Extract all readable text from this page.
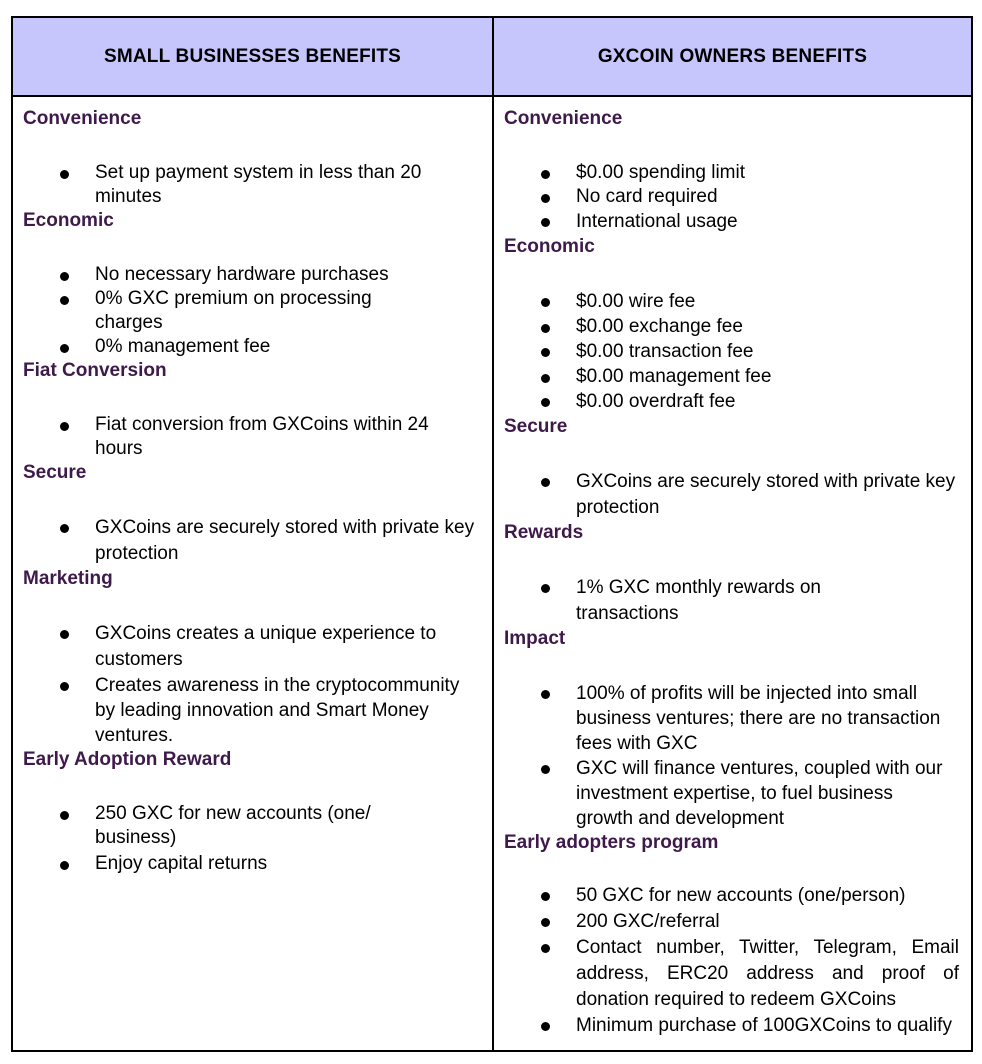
SMALL BUSINESSES BENEFITS
Convenience
Set up payment system in less than 20 minutes
Economic
No necessary hardware purchases
0% GXC premium on processing charges
0% management fee
Fiat Conversion
Fiat conversion from GXCoins within 24 hours
Secure
GXCoins are securely stored with private key protection
Marketing
GXCoins creates a unique experience to customers
Creates awareness in the cryptocommunity by leading innovation and Smart Money ventures.
Early Adoption Reward
250 GXC for new accounts (one/ business)
Enjoy capital returns
GXCOIN OWNERS BENEFITS
Convenience
$0.00 spending limit
No card required
International usage
Economic
$0.00 wire fee
$0.00 exchange fee
$0.00 transaction fee
$0.00 management fee
$0.00 overdraft fee
Secure
GXCoins are securely stored with private key protection
Rewards
1% GXC monthly rewards on transactions
Impact
100% of profits will be injected into small business ventures; there are no transaction fees with GXC
GXC will finance ventures, coupled with our investment expertise, to fuel business growth and development
Early adopters program
50 GXC for new accounts (one/person)
200 GXC/referral
Contact number, Twitter, Telegram, Email address, ERC20 address and proof of donation required to redeem GXCoins
Minimum purchase of 100GXCoins to qualify
